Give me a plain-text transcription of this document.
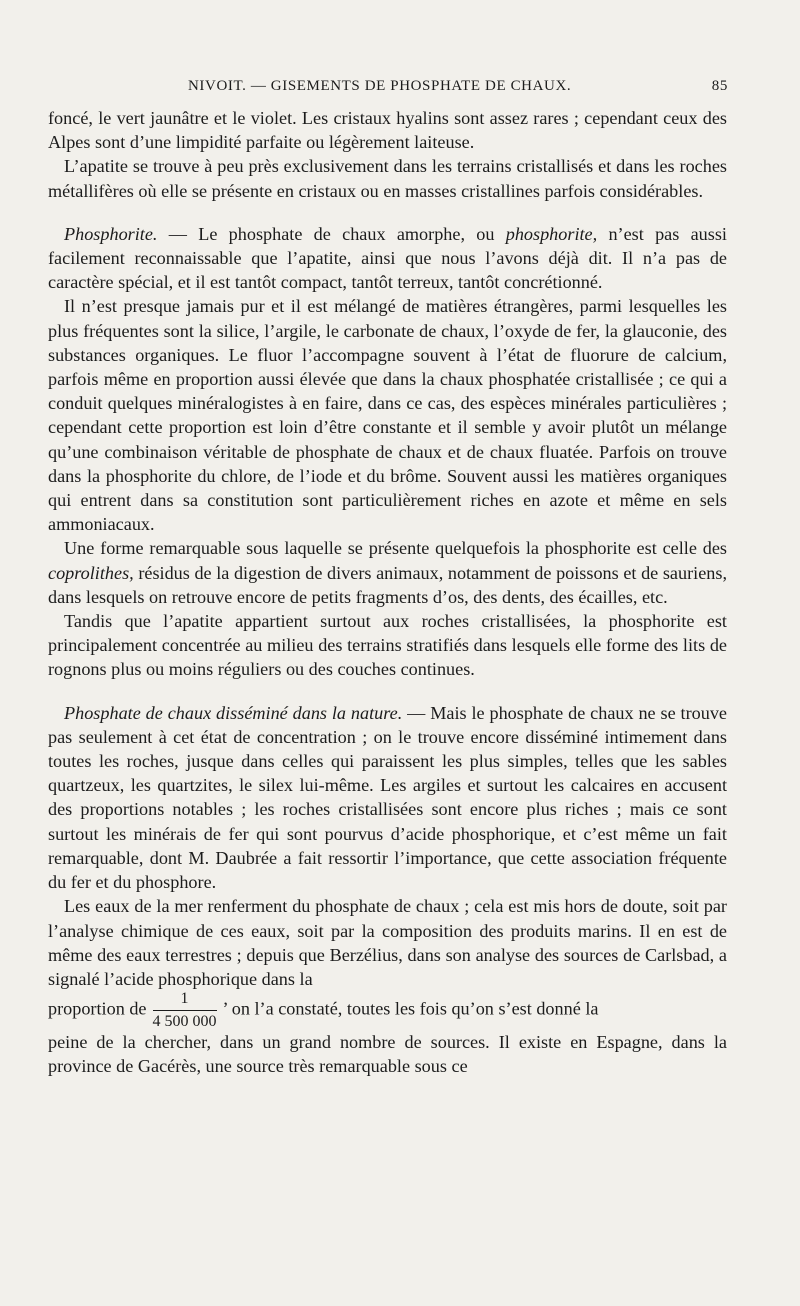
NIVOIT. — GISEMENTS DE PHOSPHATE DE CHAUX.	85

foncé, le vert jaunâtre et le violet. Les cristaux hyalins sont assez rares ; cependant ceux des Alpes sont d’une limpidité parfaite ou légèrement laiteuse.

L’apatite se trouve à peu près exclusivement dans les terrains cristallisés et dans les roches métallifères où elle se présente en cristaux ou en masses cristallines parfois considérables.

Phosphorite. — Le phosphate de chaux amorphe, ou phosphorite, n’est pas aussi facilement reconnaissable que l’apatite, ainsi que nous l’avons déjà dit. Il n’a pas de caractère spécial, et il est tantôt compact, tantôt terreux, tantôt concrétionné.

Il n’est presque jamais pur et il est mélangé de matières étrangères, parmi lesquelles les plus fréquentes sont la silice, l’argile, le carbonate de chaux, l’oxyde de fer, la glauconie, des substances organiques. Le fluor l’accompagne souvent à l’état de fluorure de calcium, parfois même en proportion aussi élevée que dans la chaux phosphatée cristallisée ; ce qui a conduit quelques minéralogistes à en faire, dans ce cas, des espèces minérales particulières ; cependant cette proportion est loin d’être constante et il semble y avoir plutôt un mélange qu’une combinaison véritable de phosphate de chaux et de chaux fluatée. Parfois on trouve dans la phosphorite du chlore, de l’iode et du brôme. Souvent aussi les matières organiques qui entrent dans sa constitution sont particulièrement riches en azote et même en sels ammoniacaux.

Une forme remarquable sous laquelle se présente quelquefois la phosphorite est celle des coprolithes, résidus de la digestion de divers animaux, notamment de poissons et de sauriens, dans lesquels on retrouve encore de petits fragments d’os, des dents, des écailles, etc.

Tandis que l’apatite appartient surtout aux roches cristallisées, la phosphorite est principalement concentrée au milieu des terrains stratifiés dans lesquels elle forme des lits de rognons plus ou moins réguliers ou des couches continues.

Phosphate de chaux disséminé dans la nature. — Mais le phosphate de chaux ne se trouve pas seulement à cet état de concentration ; on le trouve encore disséminé intimement dans toutes les roches, jusque dans celles qui paraissent les plus simples, telles que les sables quartzeux, les quartzites, le silex lui-même. Les argiles et surtout les calcaires en accusent des proportions notables ; les roches cristallisées sont encore plus riches ; mais ce sont surtout les minérais de fer qui sont pourvus d’acide phosphorique, et c’est même un fait remarquable, dont M. Daubrée a fait ressortir l’importance, que cette association fréquente du fer et du phosphore.

Les eaux de la mer renferment du phosphate de chaux ; cela est mis hors de doute, soit par l’analyse chimique de ces eaux, soit par la composition des produits marins. Il en est de même des eaux terrestres ; depuis que Berzélius, dans son analyse des sources de Carlsbad, a signalé l’acide phosphorique dans la

proportion de $\frac{1}{4 500 000}$ ’ on l’a constaté, toutes les fois qu’on s’est donné la

peine de la chercher, dans un grand nombre de sources. Il existe en Espagne, dans la province de Gacérès, une source très remarquable sous ce
